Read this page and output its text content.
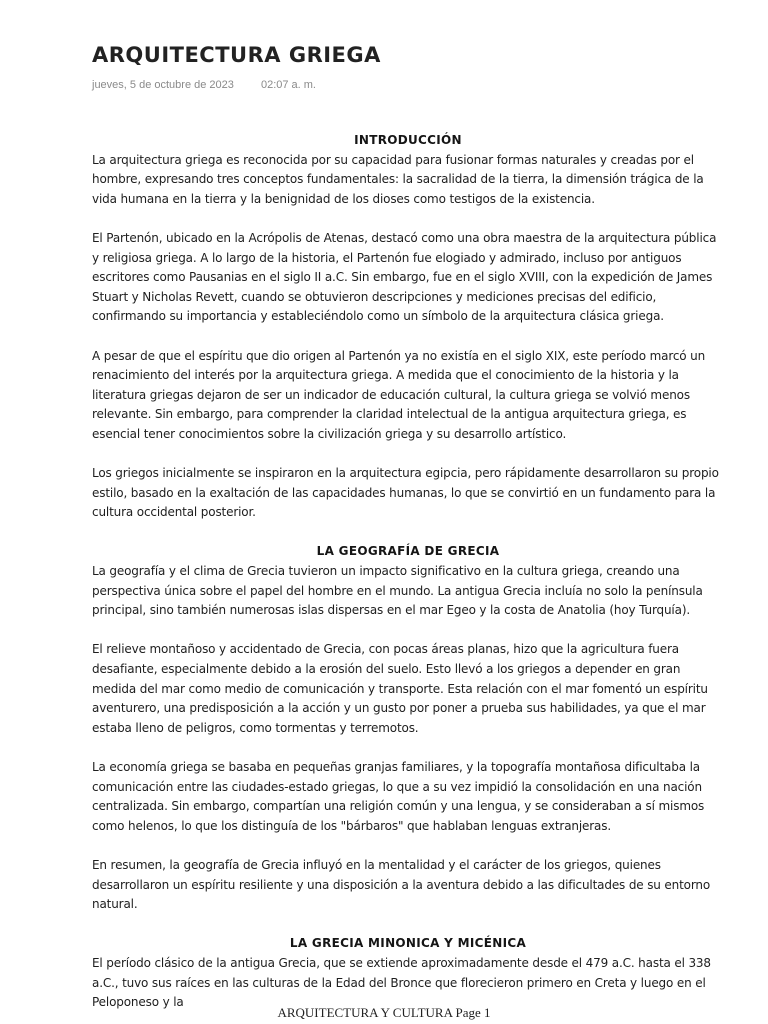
ARQUITECTURA GRIEGA
jueves, 5 de octubre de 2023 02:07 a. m.
INTRODUCCIÓN

La arquitectura griega es reconocida por su capacidad para fusionar formas naturales y creadas por el hombre, expresando tres conceptos fundamentales: la sacralidad de la tierra, la dimensión trágica de la vida humana en la tierra y la benignidad de los dioses como testigos de la existencia.

El Partenón, ubicado en la Acrópolis de Atenas, destacó como una obra maestra de la arquitectura pública y religiosa griega. A lo largo de la historia, el Partenón fue elogiado y admirado, incluso por antiguos escritores como Pausanias en el siglo II a.C. Sin embargo, fue en el siglo XVIII, con la expedición de James Stuart y Nicholas Revett, cuando se obtuvieron descripciones y mediciones precisas del edificio, confirmando su importancia y estableciéndolo como un símbolo de la arquitectura clásica griega.

A pesar de que el espíritu que dio origen al Partenón ya no existía en el siglo XIX, este período marcó un renacimiento del interés por la arquitectura griega. A medida que el conocimiento de la historia y la literatura griegas dejaron de ser un indicador de educación cultural, la cultura griega se volvió menos relevante. Sin embargo, para comprender la claridad intelectual de la antigua arquitectura griega, es esencial tener conocimientos sobre la civilización griega y su desarrollo artístico.

Los griegos inicialmente se inspiraron en la arquitectura egipcia, pero rápidamente desarrollaron su propio estilo, basado en la exaltación de las capacidades humanas, lo que se convirtió en un fundamento para la cultura occidental posterior.

LA GEOGRAFÍA DE GRECIA

La geografía y el clima de Grecia tuvieron un impacto significativo en la cultura griega, creando una perspectiva única sobre el papel del hombre en el mundo. La antigua Grecia incluía no solo la península principal, sino también numerosas islas dispersas en el mar Egeo y la costa de Anatolia (hoy Turquía).

El relieve montañoso y accidentado de Grecia, con pocas áreas planas, hizo que la agricultura fuera desafiante, especialmente debido a la erosión del suelo. Esto llevó a los griegos a depender en gran medida del mar como medio de comunicación y transporte. Esta relación con el mar fomentó un espíritu aventurero, una predisposición a la acción y un gusto por poner a prueba sus habilidades, ya que el mar estaba lleno de peligros, como tormentas y terremotos.

La economía griega se basaba en pequeñas granjas familiares, y la topografía montañosa dificultaba la comunicación entre las ciudades-estado griegas, lo que a su vez impidió la consolidación en una nación centralizada. Sin embargo, compartían una religión común y una lengua, y se consideraban a sí mismos como helenos, lo que los distinguía de los "bárbaros" que hablaban lenguas extranjeras.

En resumen, la geografía de Grecia influyó en la mentalidad y el carácter de los griegos, quienes desarrollaron un espíritu resiliente y una disposición a la aventura debido a las dificultades de su entorno natural.

LA GRECIA MINONICA Y MICÉNICA

El período clásico de la antigua Grecia, que se extiende aproximadamente desde el 479 a.C. hasta el 338 a.C., tuvo sus raíces en las culturas de la Edad del Bronce que florecieron primero en Creta y luego en el Peloponeso y la

ARQUITECTURA Y CULTURA Page 1
